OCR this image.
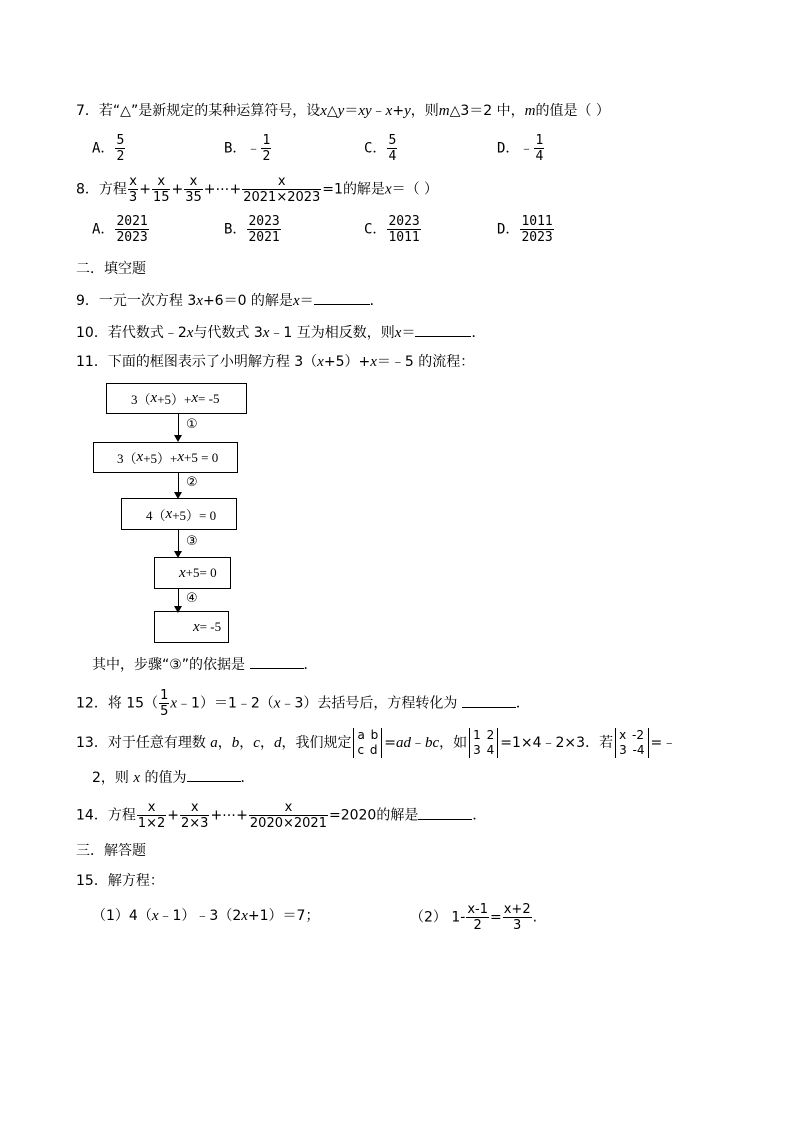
7．若“△”是新规定的某种运算符号，设x△y＝xy﹣x+y，则m△3＝2 中，m的值是（ ）
A． $\frac{5}{2}$	B．﹣ $\frac{1}{2}$	C． $\frac{5}{4}$	D．﹣ $\frac{1}{4}$
8．方程 $\frac{x}{3} + \frac{x}{15} + \frac{x}{35}$ +⋯+ $\frac{x}{2021\times 2023} =1$的解是x＝（ ）
A． $\frac{2021}{2023}$	B． $\frac{2023}{2021}$	C． $\frac{2023}{1011}$	D． $\frac{1011}{2023}$
二．填空题
9．一元一次方程 3x+6＝0 的解是x＝	．
10．若代数式﹣2x与代数式 3x﹣1 互为相反数，则x＝	．
11．下面的框图表示了小明解方程 3（x+5）+x＝﹣5 的流程：
3（ x +5）+ x = -5
①
3（ x +5）+ x +5 = 0
②
4（ x +5）= 0
③
x +5= 0
④
x = -5
其中，步骤“③”的依据是	．
12．将 $15( \frac{1}{5}$ x﹣1）＝1﹣2（x﹣3）去括号后，方程转化为	．
13．对于任意有理数 a，b，c，d，我们规定 a b
c d =ad﹣bc，如 1 2
3 4 =1×4﹣2×3．若 x -2
3 -4 =﹣
2，则 x 的值为	．
14．方程 $\frac{x}{1\times 2} + \frac{x}{2\times 3}$ +⋯+ $\frac{x}{2020\times 2021} =2020$的解是	．
三．解答题
15．解方程：
（1）4（x﹣1）﹣3（2x+1）＝7；	（2） $1- \frac{x-1}{2} = \frac{x+2}{3}$ .
